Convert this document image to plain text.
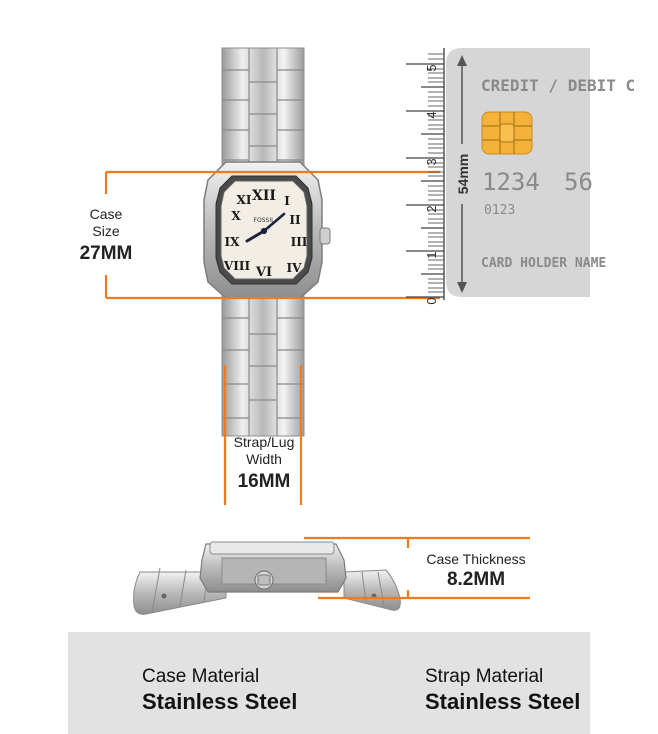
XII I
II
III
IV
VI
VIII
IX
X
XI
FOSSIL
5
4
3
2
1
0
54mm
CREDIT / DEBIT C
1234 56
0123
CARD HOLDER NAME
Case
Size
27MM
Strap/Lug
Width
16MM
Case Thickness
8.2MM
Case Material
Stainless Steel
Strap Material
Stainless Steel
